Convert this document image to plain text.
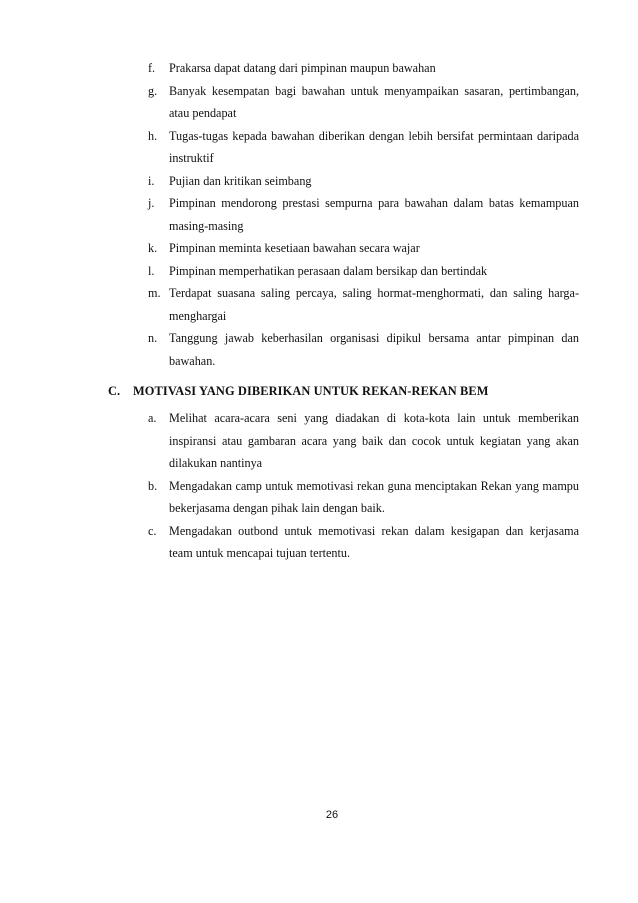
f. Prakarsa dapat datang dari pimpinan maupun bawahan
g. Banyak kesempatan bagi bawahan untuk menyampaikan sasaran, pertimbangan, atau pendapat
h. Tugas-tugas kepada bawahan diberikan dengan lebih bersifat permintaan daripada instruktif
i. Pujian dan kritikan seimbang
j. Pimpinan mendorong prestasi sempurna para bawahan dalam batas kemampuan masing-masing
k. Pimpinan meminta kesetiaan bawahan secara wajar
l. Pimpinan memperhatikan perasaan dalam bersikap dan bertindak
m. Terdapat suasana saling percaya, saling hormat-menghormati, dan saling harga-menghargai
n. Tanggung jawab keberhasilan organisasi dipikul bersama antar pimpinan dan bawahan.
C. MOTIVASI YANG DIBERIKAN UNTUK REKAN-REKAN BEM
a. Melihat acara-acara seni yang diadakan di kota-kota lain untuk memberikan inspiransi atau gambaran acara yang baik dan cocok untuk kegiatan yang akan dilakukan nantinya
b. Mengadakan camp untuk memotivasi rekan guna menciptakan Rekan yang mampu bekerjasama dengan pihak lain dengan baik.
c. Mengadakan outbond untuk memotivasi rekan dalam kesigapan dan kerjasama team untuk mencapai tujuan tertentu.
26
